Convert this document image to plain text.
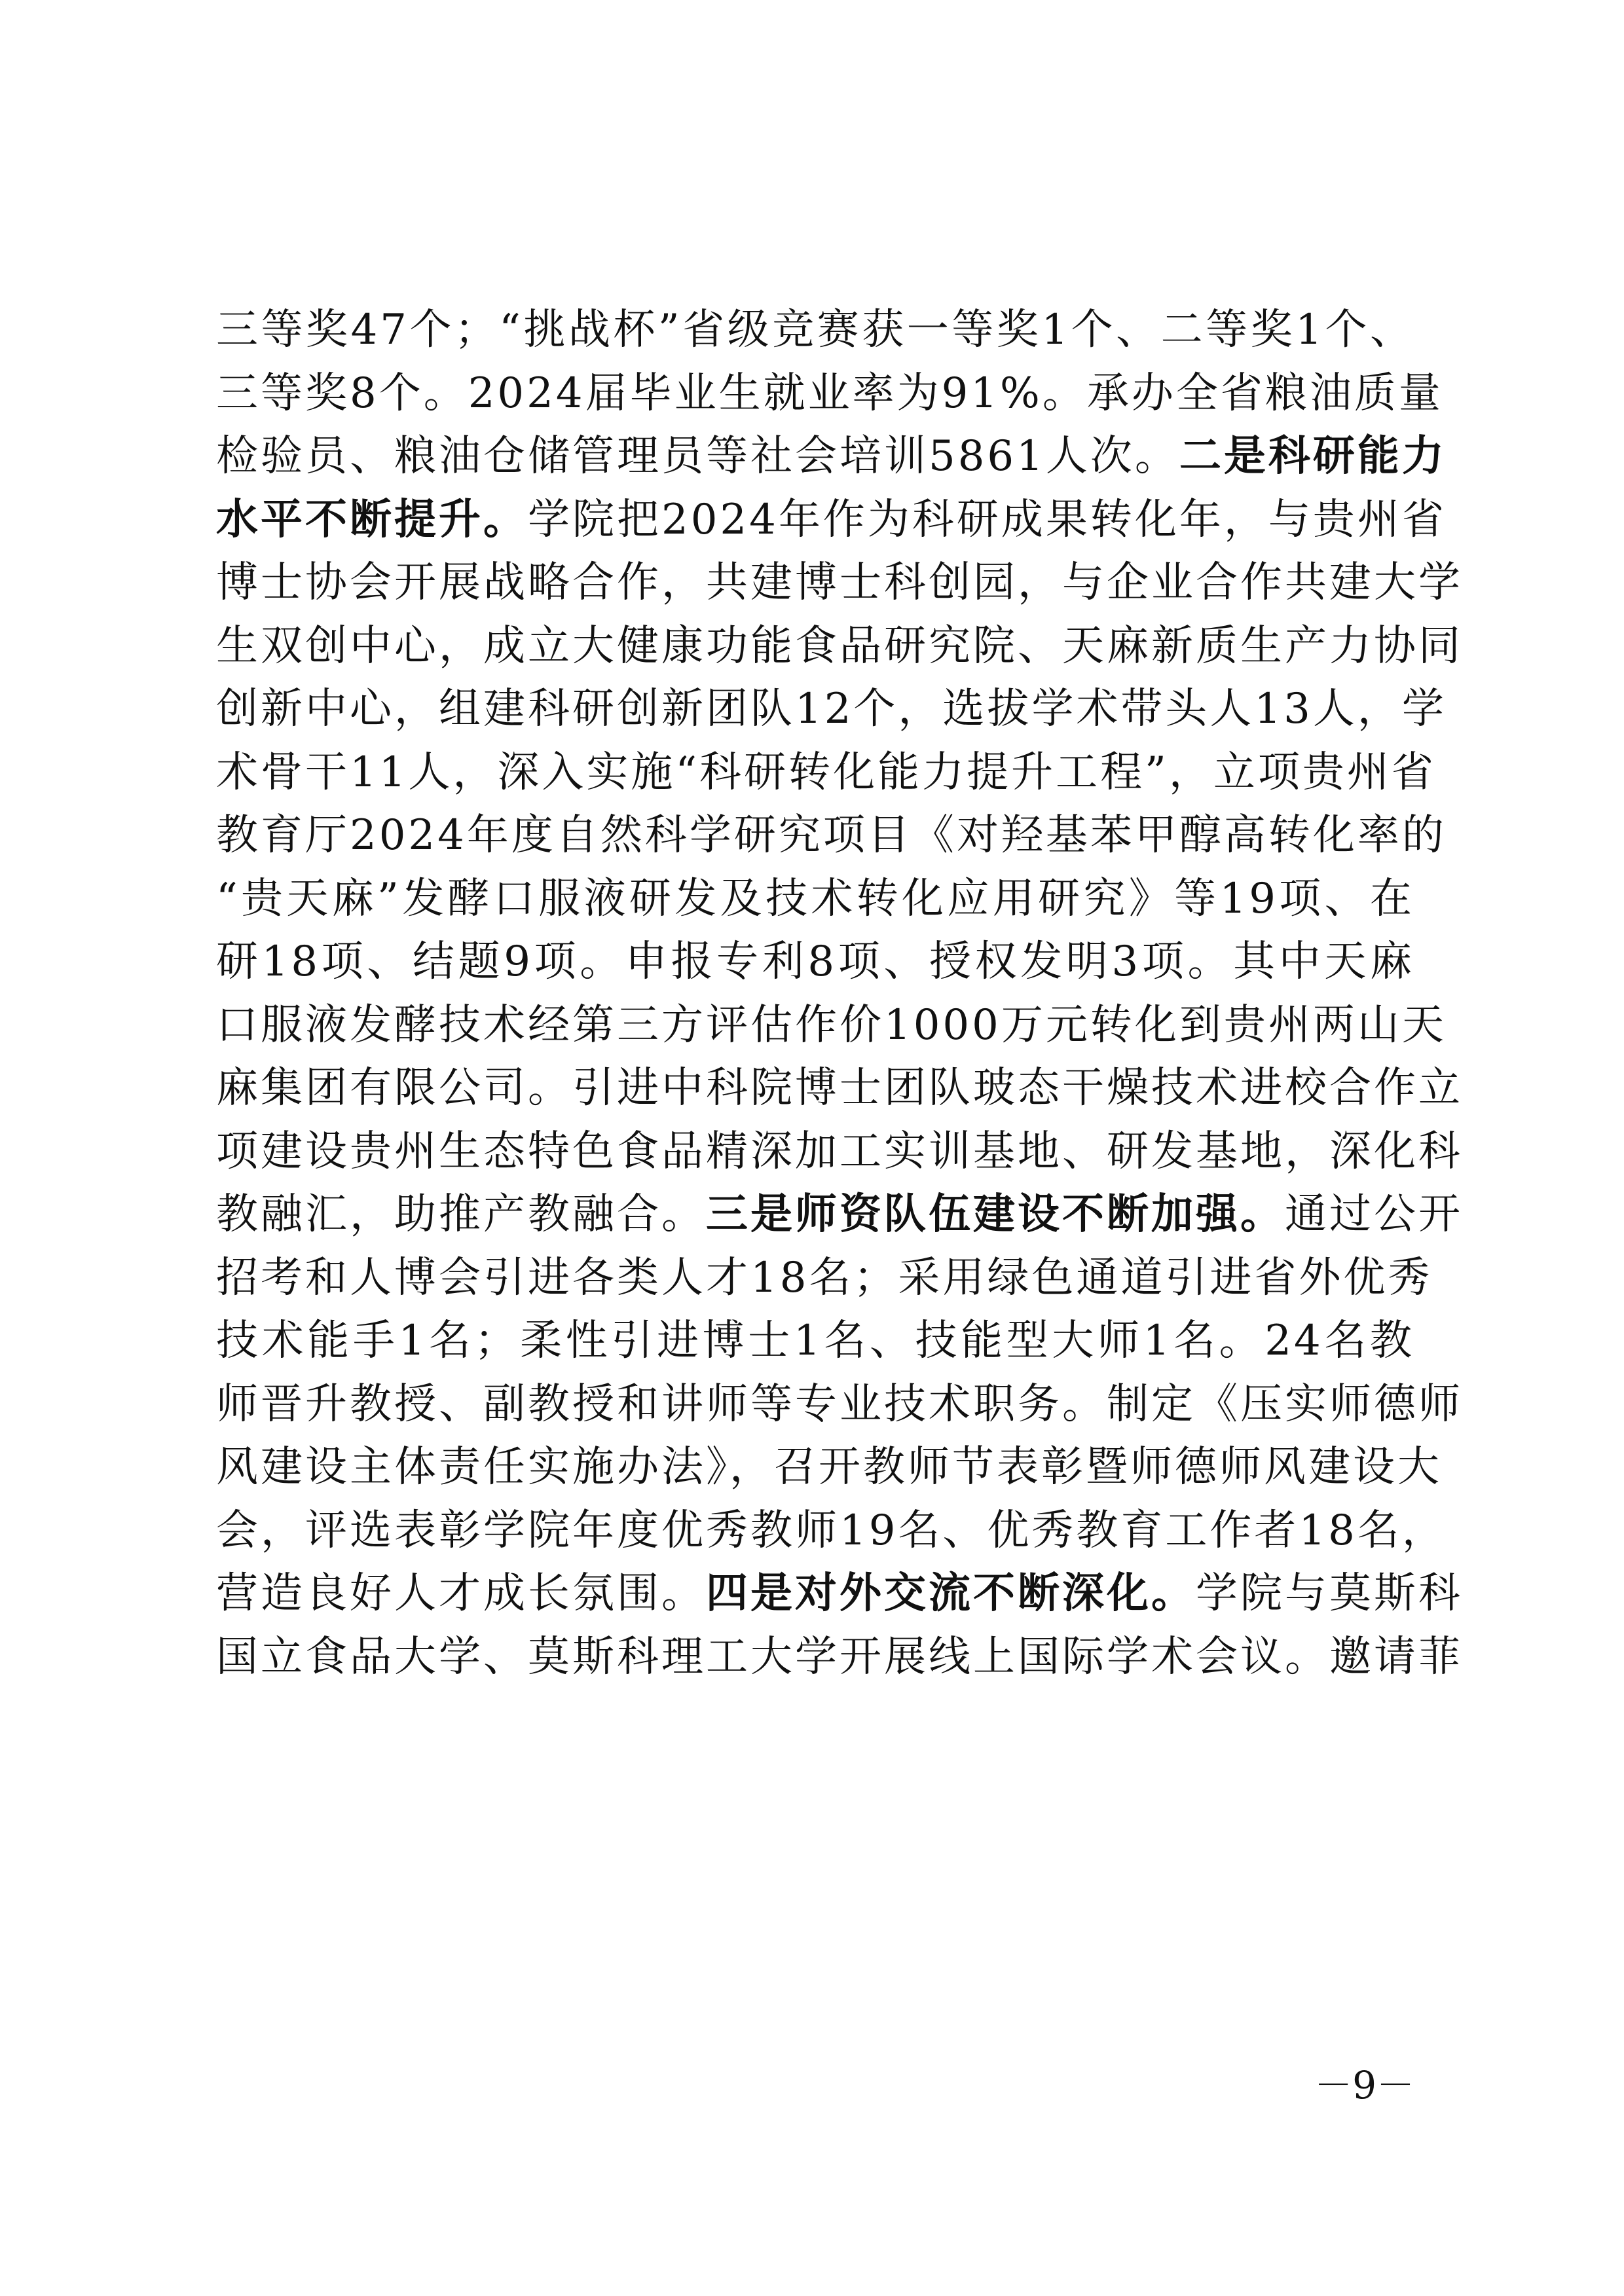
三等奖47个；“挑战杯”省级竞赛获一等奖1个、二等奖1个、
三等奖8个。2024届毕业生就业率为91%。承办全省粮油质量
检验员、粮油仓储管理员等社会培训5861人次。二是科研能力
水平不断提升。学院把2024年作为科研成果转化年，与贵州省
博士协会开展战略合作，共建博士科创园，与企业合作共建大学
生双创中心，成立大健康功能食品研究院、天麻新质生产力协同
创新中心，组建科研创新团队12个，选拔学术带头人13人，学
术骨干11人，深入实施“科研转化能力提升工程”，立项贵州省
教育厅2024年度自然科学研究项目《对羟基苯甲醇高转化率的
“贵天麻”发酵口服液研发及技术转化应用研究》等19项、在
研18项、结题9项。申报专利8项、授权发明3项。其中天麻
口服液发酵技术经第三方评估作价1000万元转化到贵州两山天
麻集团有限公司。引进中科院博士团队玻态干燥技术进校合作立
项建设贵州生态特色食品精深加工实训基地、研发基地，深化科
教融汇，助推产教融合。三是师资队伍建设不断加强。通过公开
招考和人博会引进各类人才18名；采用绿色通道引进省外优秀
技术能手1名；柔性引进博士1名、技能型大师1名。24名教
师晋升教授、副教授和讲师等专业技术职务。制定《压实师德师
风建设主体责任实施办法》，召开教师节表彰暨师德师风建设大
会，评选表彰学院年度优秀教师19名、优秀教育工作者18名，
营造良好人才成长氛围。四是对外交流不断深化。学院与莫斯科
国立食品大学、莫斯科理工大学开展线上国际学术会议。邀请菲
－9－
